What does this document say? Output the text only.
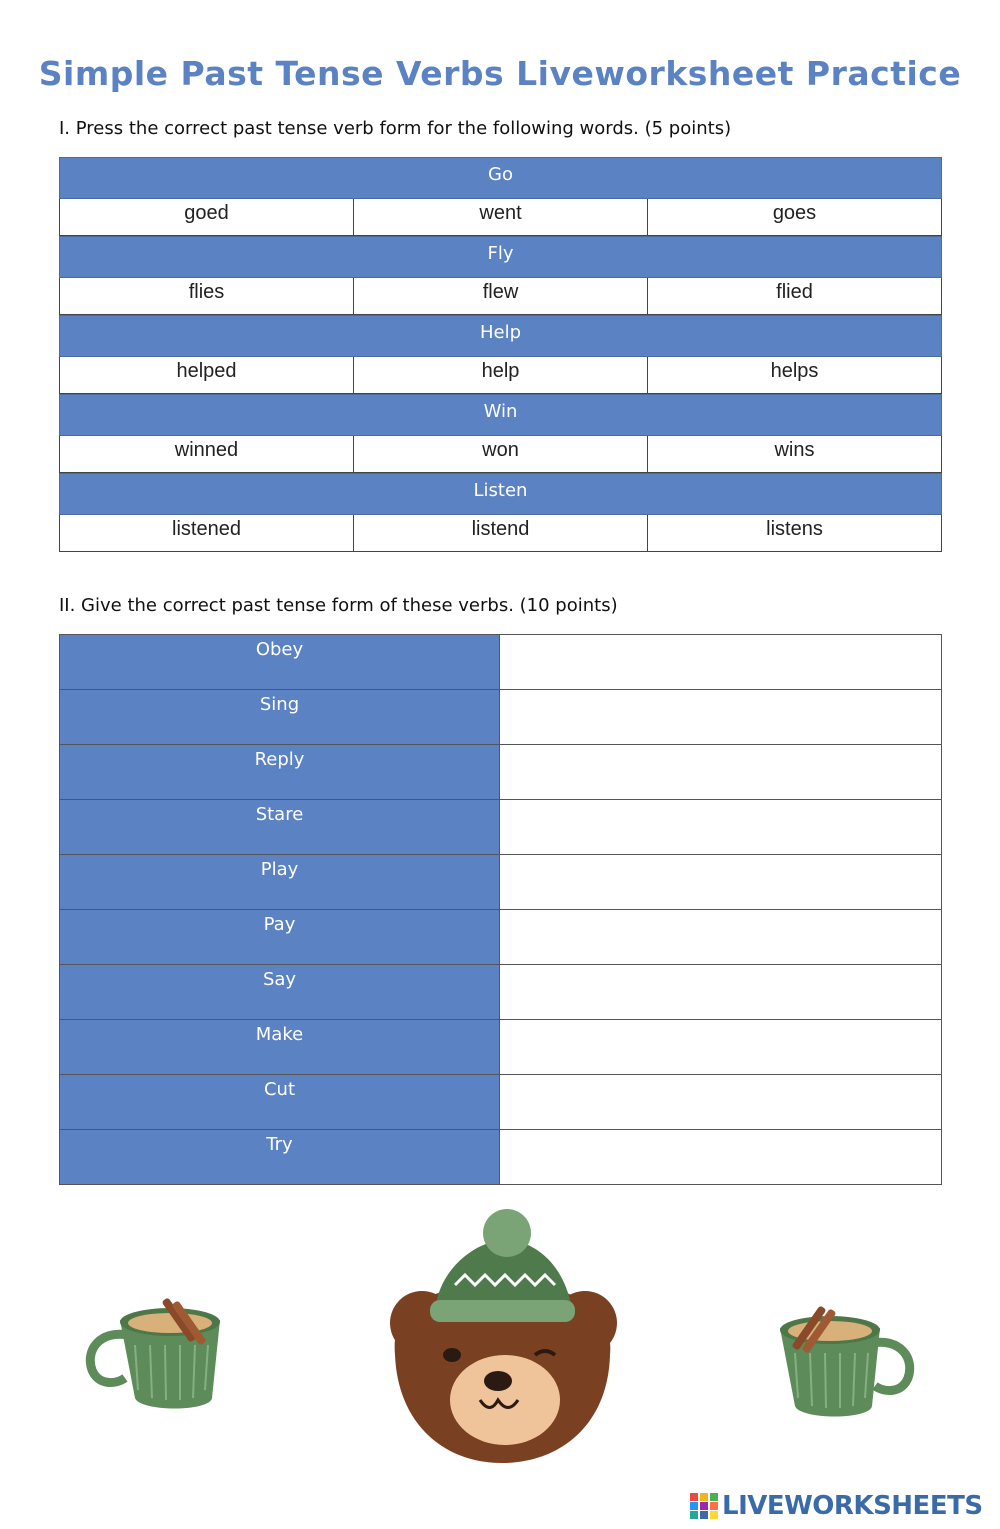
Simple Past Tense Verbs Liveworksheet Practice
I. Press the correct past tense verb form for the following words. (5 points)
Go
goed	went	goes
Fly
flies	flew	flied
Help
helped	help	helps
Win
winned	won	wins
Listen
listened	listend	listens
II. Give the correct past tense form of these verbs. (10 points)
Obey
Sing
Reply
Stare
Play
Pay
Say
Make
Cut
Try
LIVEWORKSHEETS
